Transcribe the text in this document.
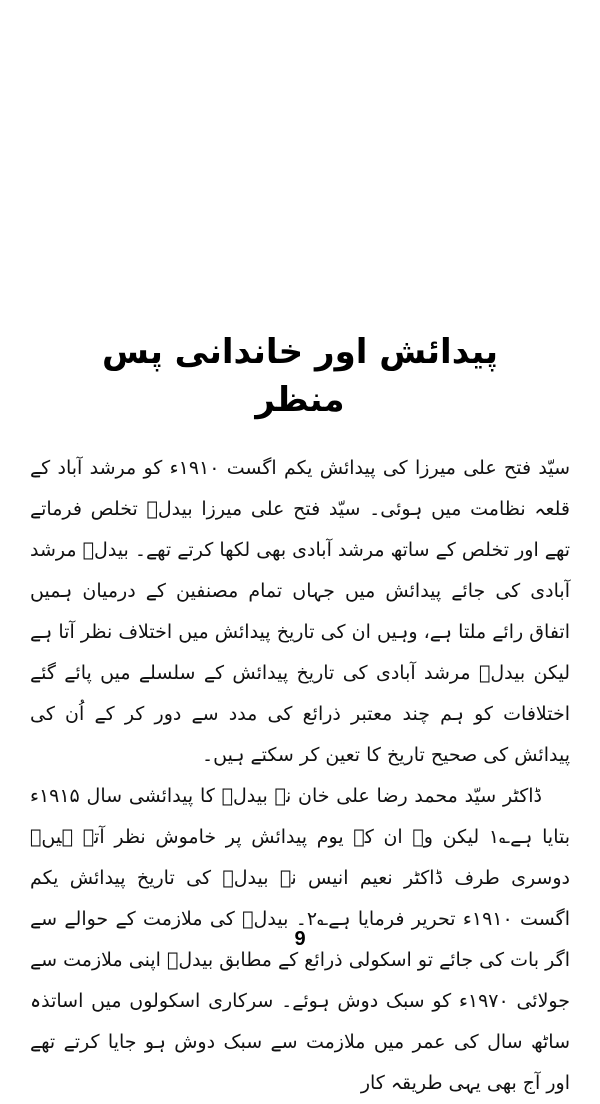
پیدائش اور خاندانی پس منظر

سیّد فتح علی میرزا کی پیدائش یکم اگست ۱۹۱۰ء کو مرشد آباد کے قلعہ نظامت میں ہوئی۔ سیّد فتح علی میرزا بیدلؔ تخلص فرماتے تھے اور تخلص کے ساتھ مرشد آبادی بھی لکھا کرتے تھے۔ بیدلؔ مرشد آبادی کی جائے پیدائش میں جہاں تمام مصنفین کے درمیان ہمیں اتفاق رائے ملتا ہے، وہیں ان کی تاریخ پیدائش میں اختلاف نظر آتا ہے لیکن بیدلؔ مرشد آبادی کی تاریخ پیدائش کے سلسلے میں پائے گئے اختلافات کو ہم چند معتبر ذرائع کی مدد سے دور کر کے اُن کی پیدائش کی صحیح تاریخ کا تعین کر سکتے ہیں۔

ڈاکٹر سیّد محمد رضا علی خان نے بیدلؔ کا پیدائشی سال ۱۹۱۵ء بتایا ہے؎۱ لیکن وہ ان کے یوم پیدائش پر خاموش نظر آتے ہیں۔ دوسری طرف ڈاکٹر نعیم انیس نے بیدلؔ کی تاریخ پیدائش یکم اگست ۱۹۱۰ء تحریر فرمایا ہے؎۲۔ بیدلؔ کی ملازمت کے حوالے سے اگر بات کی جائے تو اسکولی ذرائع کے مطابق بیدلؔ اپنی ملازمت سے جولائی ۱۹۷۰ء کو سبک دوش ہوئے۔ سرکاری اسکولوں میں اساتذہ ساٹھ سال کی عمر میں ملازمت سے سبک دوش ہو جایا کرتے تھے اور آج بھی یہی طریقہ کار

9
